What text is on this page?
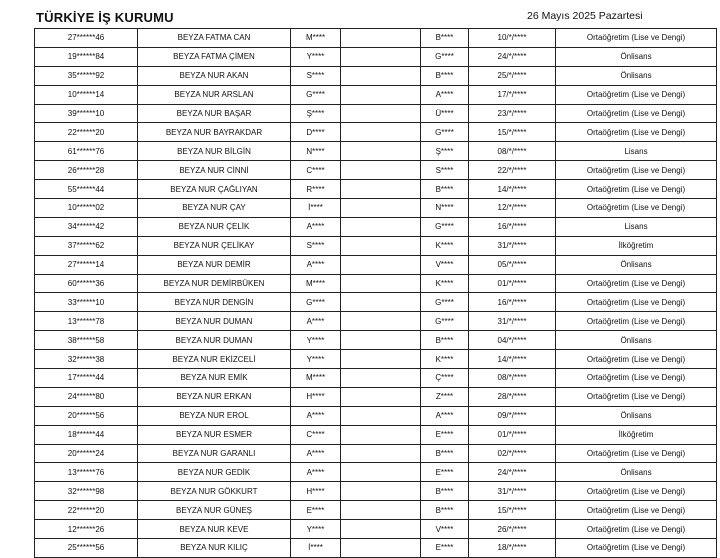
TÜRKİYE İŞ KURUMU	26 Mayıs 2025 Pazartesi
27******46	BEYZA FATMA CAN	M****		B****	10/*/****	Ortaöğretim (Lise ve Dengi)
19******84	BEYZA FATMA ÇİMEN	Y****		G****	24/*/****	Önlisans
35******92	BEYZA NUR AKAN	S****		B****	25/*/****	Önlisans
10******14	BEYZA NUR ARSLAN	G****		A****	17/*/****	Ortaöğretim (Lise ve Dengi)
39******10	BEYZA NUR BAŞAR	Ş****		Ü****	23/*/****	Ortaöğretim (Lise ve Dengi)
22******20	BEYZA NUR BAYRAKDAR	D****		G****	15/*/****	Ortaöğretim (Lise ve Dengi)
61******76	BEYZA NUR BİLGİN	N****		Ş****	08/*/****	Lisans
26******28	BEYZA NUR CİNNİ	C****		S****	22/*/****	Ortaöğretim (Lise ve Dengi)
55******44	BEYZA NUR ÇAĞLIYAN	R****		B****	14/*/****	Ortaöğretim (Lise ve Dengi)
10******02	BEYZA NUR ÇAY	İ****		N****	12/*/****	Ortaöğretim (Lise ve Dengi)
34******42	BEYZA NUR ÇELİK	A****		G****	16/*/****	Lisans
37******62	BEYZA NUR ÇELİKAY	S****		K****	31/*/****	İlköğretim
27******14	BEYZA NUR DEMİR	A****		V****	05/*/****	Önlisans
60******36	BEYZA NUR DEMİRBÜKEN	M****		K****	01/*/****	Ortaöğretim (Lise ve Dengi)
33******10	BEYZA NUR DENGİN	G****		G****	16/*/****	Ortaöğretim (Lise ve Dengi)
13******78	BEYZA NUR DUMAN	A****		G****	31/*/****	Ortaöğretim (Lise ve Dengi)
38******58	BEYZA NUR DUMAN	Y****		B****	04/*/****	Önlisans
32******38	BEYZA NUR EKİZCELİ	Y****		K****	14/*/****	Ortaöğretim (Lise ve Dengi)
17******44	BEYZA NUR EMİK	M****		Ç****	08/*/****	Ortaöğretim (Lise ve Dengi)
24******80	BEYZA NUR ERKAN	H****		Z****	28/*/****	Ortaöğretim (Lise ve Dengi)
20******56	BEYZA NUR EROL	A****		A****	09/*/****	Önlisans
18******44	BEYZA NUR ESMER	C****		E****	01/*/****	İlköğretim
20******24	BEYZA NUR GARANLI	A****		B****	02/*/****	Ortaöğretim (Lise ve Dengi)
13******76	BEYZA NUR GEDİK	A****		E****	24/*/****	Önlisans
32******98	BEYZA NUR GÖKKURT	H****		B****	31/*/****	Ortaöğretim (Lise ve Dengi)
22******20	BEYZA NUR GÜNEŞ	E****		B****	15/*/****	Ortaöğretim (Lise ve Dengi)
12******26	BEYZA NUR KEVE	Y****		V****	26/*/****	Ortaöğretim (Lise ve Dengi)
25******56	BEYZA NUR KILIÇ	İ****		E****	18/*/****	Ortaöğretim (Lise ve Dengi)
